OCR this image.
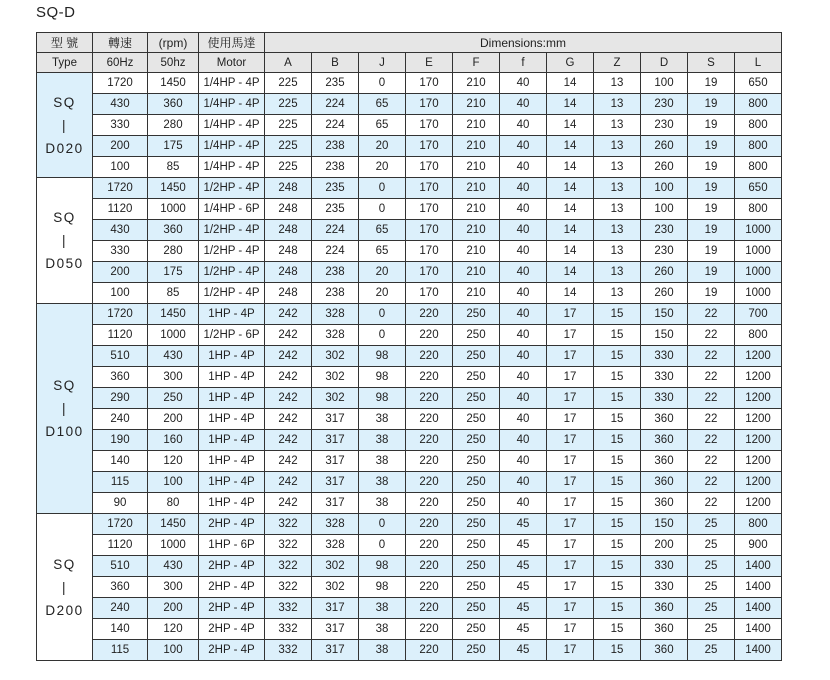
SQ-D
型 號	轉速	(rpm)	使用馬達	Dimensions:mm										
Type	60Hz	50hz	Motor	A	B	J	E	F	f	G	Z	D	S	L

SQ
|
D020	1720	1450	1/4HP - 4P	225	235	0	170	210	40	14	13	100	19	650
	430	360	1/4HP - 4P	225	224	65	170	210	40	14	13	230	19	800
	330	280	1/4HP - 4P	225	224	65	170	210	40	14	13	230	19	800
	200	175	1/4HP - 4P	225	238	20	170	210	40	14	13	260	19	800
	100	85	1/4HP - 4P	225	238	20	170	210	40	14	13	260	19	800

SQ
|
D050	1720	1450	1/2HP - 4P	248	235	0	170	210	40	14	13	100	19	650
	1120	1000	1/4HP - 6P	248	235	0	170	210	40	14	13	100	19	800
	430	360	1/2HP - 4P	248	224	65	170	210	40	14	13	230	19	1000
	330	280	1/2HP - 4P	248	224	65	170	210	40	14	13	230	19	1000
	200	175	1/2HP - 4P	248	238	20	170	210	40	14	13	260	19	1000
	100	85	1/2HP - 4P	248	238	20	170	210	40	14	13	260	19	1000

SQ
|
D100	1720	1450	1HP - 4P	242	328	0	220	250	40	17	15	150	22	700
	1120	1000	1/2HP - 6P	242	328	0	220	250	40	17	15	150	22	800
	510	430	1HP - 4P	242	302	98	220	250	40	17	15	330	22	1200
	360	300	1HP - 4P	242	302	98	220	250	40	17	15	330	22	1200
	290	250	1HP - 4P	242	302	98	220	250	40	17	15	330	22	1200
	240	200	1HP - 4P	242	317	38	220	250	40	17	15	360	22	1200
	190	160	1HP - 4P	242	317	38	220	250	40	17	15	360	22	1200
	140	120	1HP - 4P	242	317	38	220	250	40	17	15	360	22	1200
	115	100	1HP - 4P	242	317	38	220	250	40	17	15	360	22	1200
	90	80	1HP - 4P	242	317	38	220	250	40	17	15	360	22	1200

SQ
|
D200	1720	1450	2HP - 4P	322	328	0	220	250	45	17	15	150	25	800
	1120	1000	1HP - 6P	322	328	0	220	250	45	17	15	200	25	900
	510	430	2HP - 4P	322	302	98	220	250	45	17	15	330	25	1400
	360	300	2HP - 4P	322	302	98	220	250	45	17	15	330	25	1400
	240	200	2HP - 4P	332	317	38	220	250	45	17	15	360	25	1400
	140	120	2HP - 4P	332	317	38	220	250	45	17	15	360	25	1400
	115	100	2HP - 4P	332	317	38	220	250	45	17	15	360	25	1400
